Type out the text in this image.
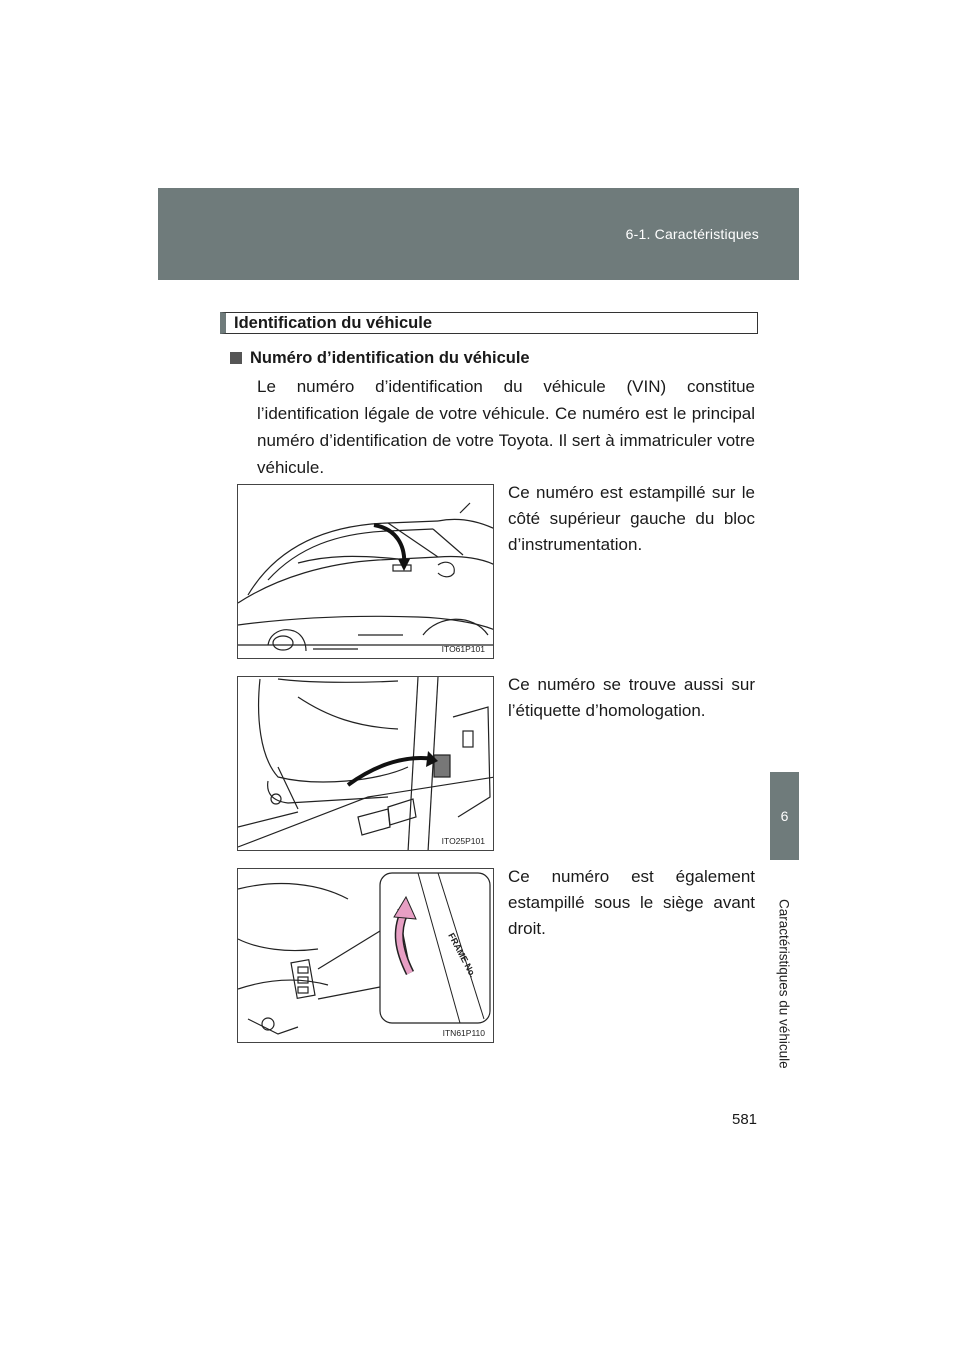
6-1. Caractéristiques
6
Caractéristiques du véhicule
Identification du véhicule
Numéro d’identification du véhicule
Le numéro d’identification du véhicule (VIN) constitue l’identification légale de votre véhicule. Ce numéro est le principal numéro d’identification de votre Toyota. Il sert à immatriculer votre véhicule.
ITO61P101
Ce numéro est estampillé sur le côté supérieur gauche du bloc d’instrumentation.
ITO25P101
Ce numéro se trouve aussi sur l’étiquette d’homologation.
FRAME No.
ITN61P110
Ce numéro est également estampillé sous le siège avant droit.
581
